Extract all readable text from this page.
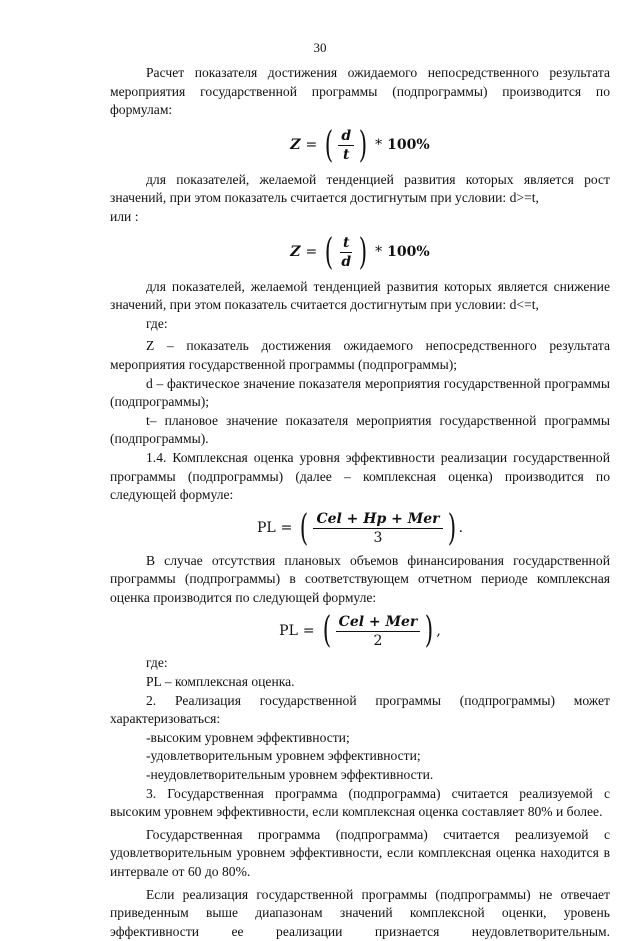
30

Расчет показателя достижения ожидаемого непосредственного результата мероприятия государственной программы (подпрограммы) производится по формулам:

Z = ( $\frac{d}{t}$ ) * 100%

для показателей, желаемой тенденцией развития которых является рост значений, при этом показатель считается достигнутым при условии: d>=t,

или :

Z = ( $\frac{t}{d}$ ) * 100%

для показателей, желаемой тенденцией развития которых является снижение значений, при этом показатель считается достигнутым при условии: d<=t,

где:

Z – показатель достижения ожидаемого непосредственного результата мероприятия государственной программы (подпрограммы);

d – фактическое значение показателя мероприятия государственной программы (подпрограммы);

t– плановое значение показателя мероприятия государственной программы (подпрограммы).

1.4. Комплексная оценка уровня эффективности реализации государственной программы (подпрограммы) (далее – комплексная оценка) производится по следующей формуле:

PL = ( $\frac{\text{Cel + Hp + Mer}}{3}$ ) .

В случае отсутствия плановых объемов финансирования государственной программы (подпрограммы) в соответствующем отчетном периоде комплексная оценка производится по следующей формуле:

PL = ( $\frac{\text{Cel + Mer}}{2}$ ) ,

где:

PL – комплексная оценка.

2. Реализация государственной программы (подпрограммы) может характеризоваться:

-высоким уровнем эффективности;

-удовлетворительным уровнем эффективности;

-неудовлетворительным уровнем эффективности.

3. Государственная программа (подпрограмма) считается реализуемой с высоким уровнем эффективности, если комплексная оценка составляет 80% и более.

Государственная программа (подпрограмма) считается реализуемой с удовлетворительным уровнем эффективности, если комплексная оценка находится в интервале от 60 до 80%.

Если реализация государственной программы (подпрограммы) не отвечает приведенным выше диапазонам значений комплексной оценки, уровень эффективности ее реализации признается неудовлетворительным.
